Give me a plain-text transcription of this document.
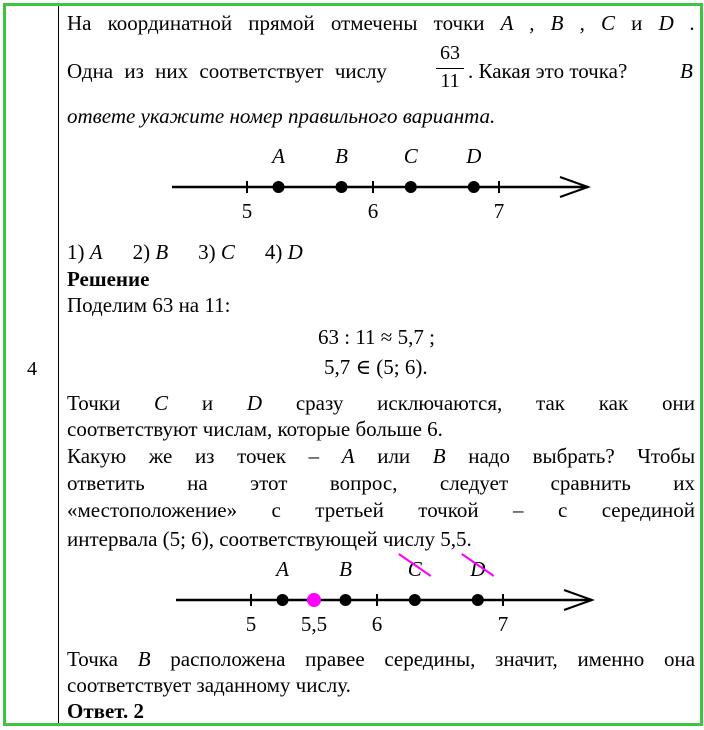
4
На координатной прямой отмечены точки A , B , C и D .
Одна из них соответствует числу
63
11 . Какая это точка?	В
ответе укажите номер правильного варианта.
5	6	7
A B	C D
1) A 2) B 3) C 4) D
Решение
Поделим 63 на 11:
63 : 11 ≈ 5,7 ;
5,7 ∈ (5; 6).
Точки C и D сразу исключаются, так как они
соответствуют числам, которые больше 6.
Какую же из точек – A или B надо выбрать? Чтобы
ответить на этот вопрос, следует сравнить их
«местоположение» с третьей точкой – с серединой
интервала (5; 6), соответствующей числу 5,5.
5	6	7
A B	C D
5,5
Точка B расположена правее середины, значит, именно она
соответствует заданному числу.
Ответ. 2
